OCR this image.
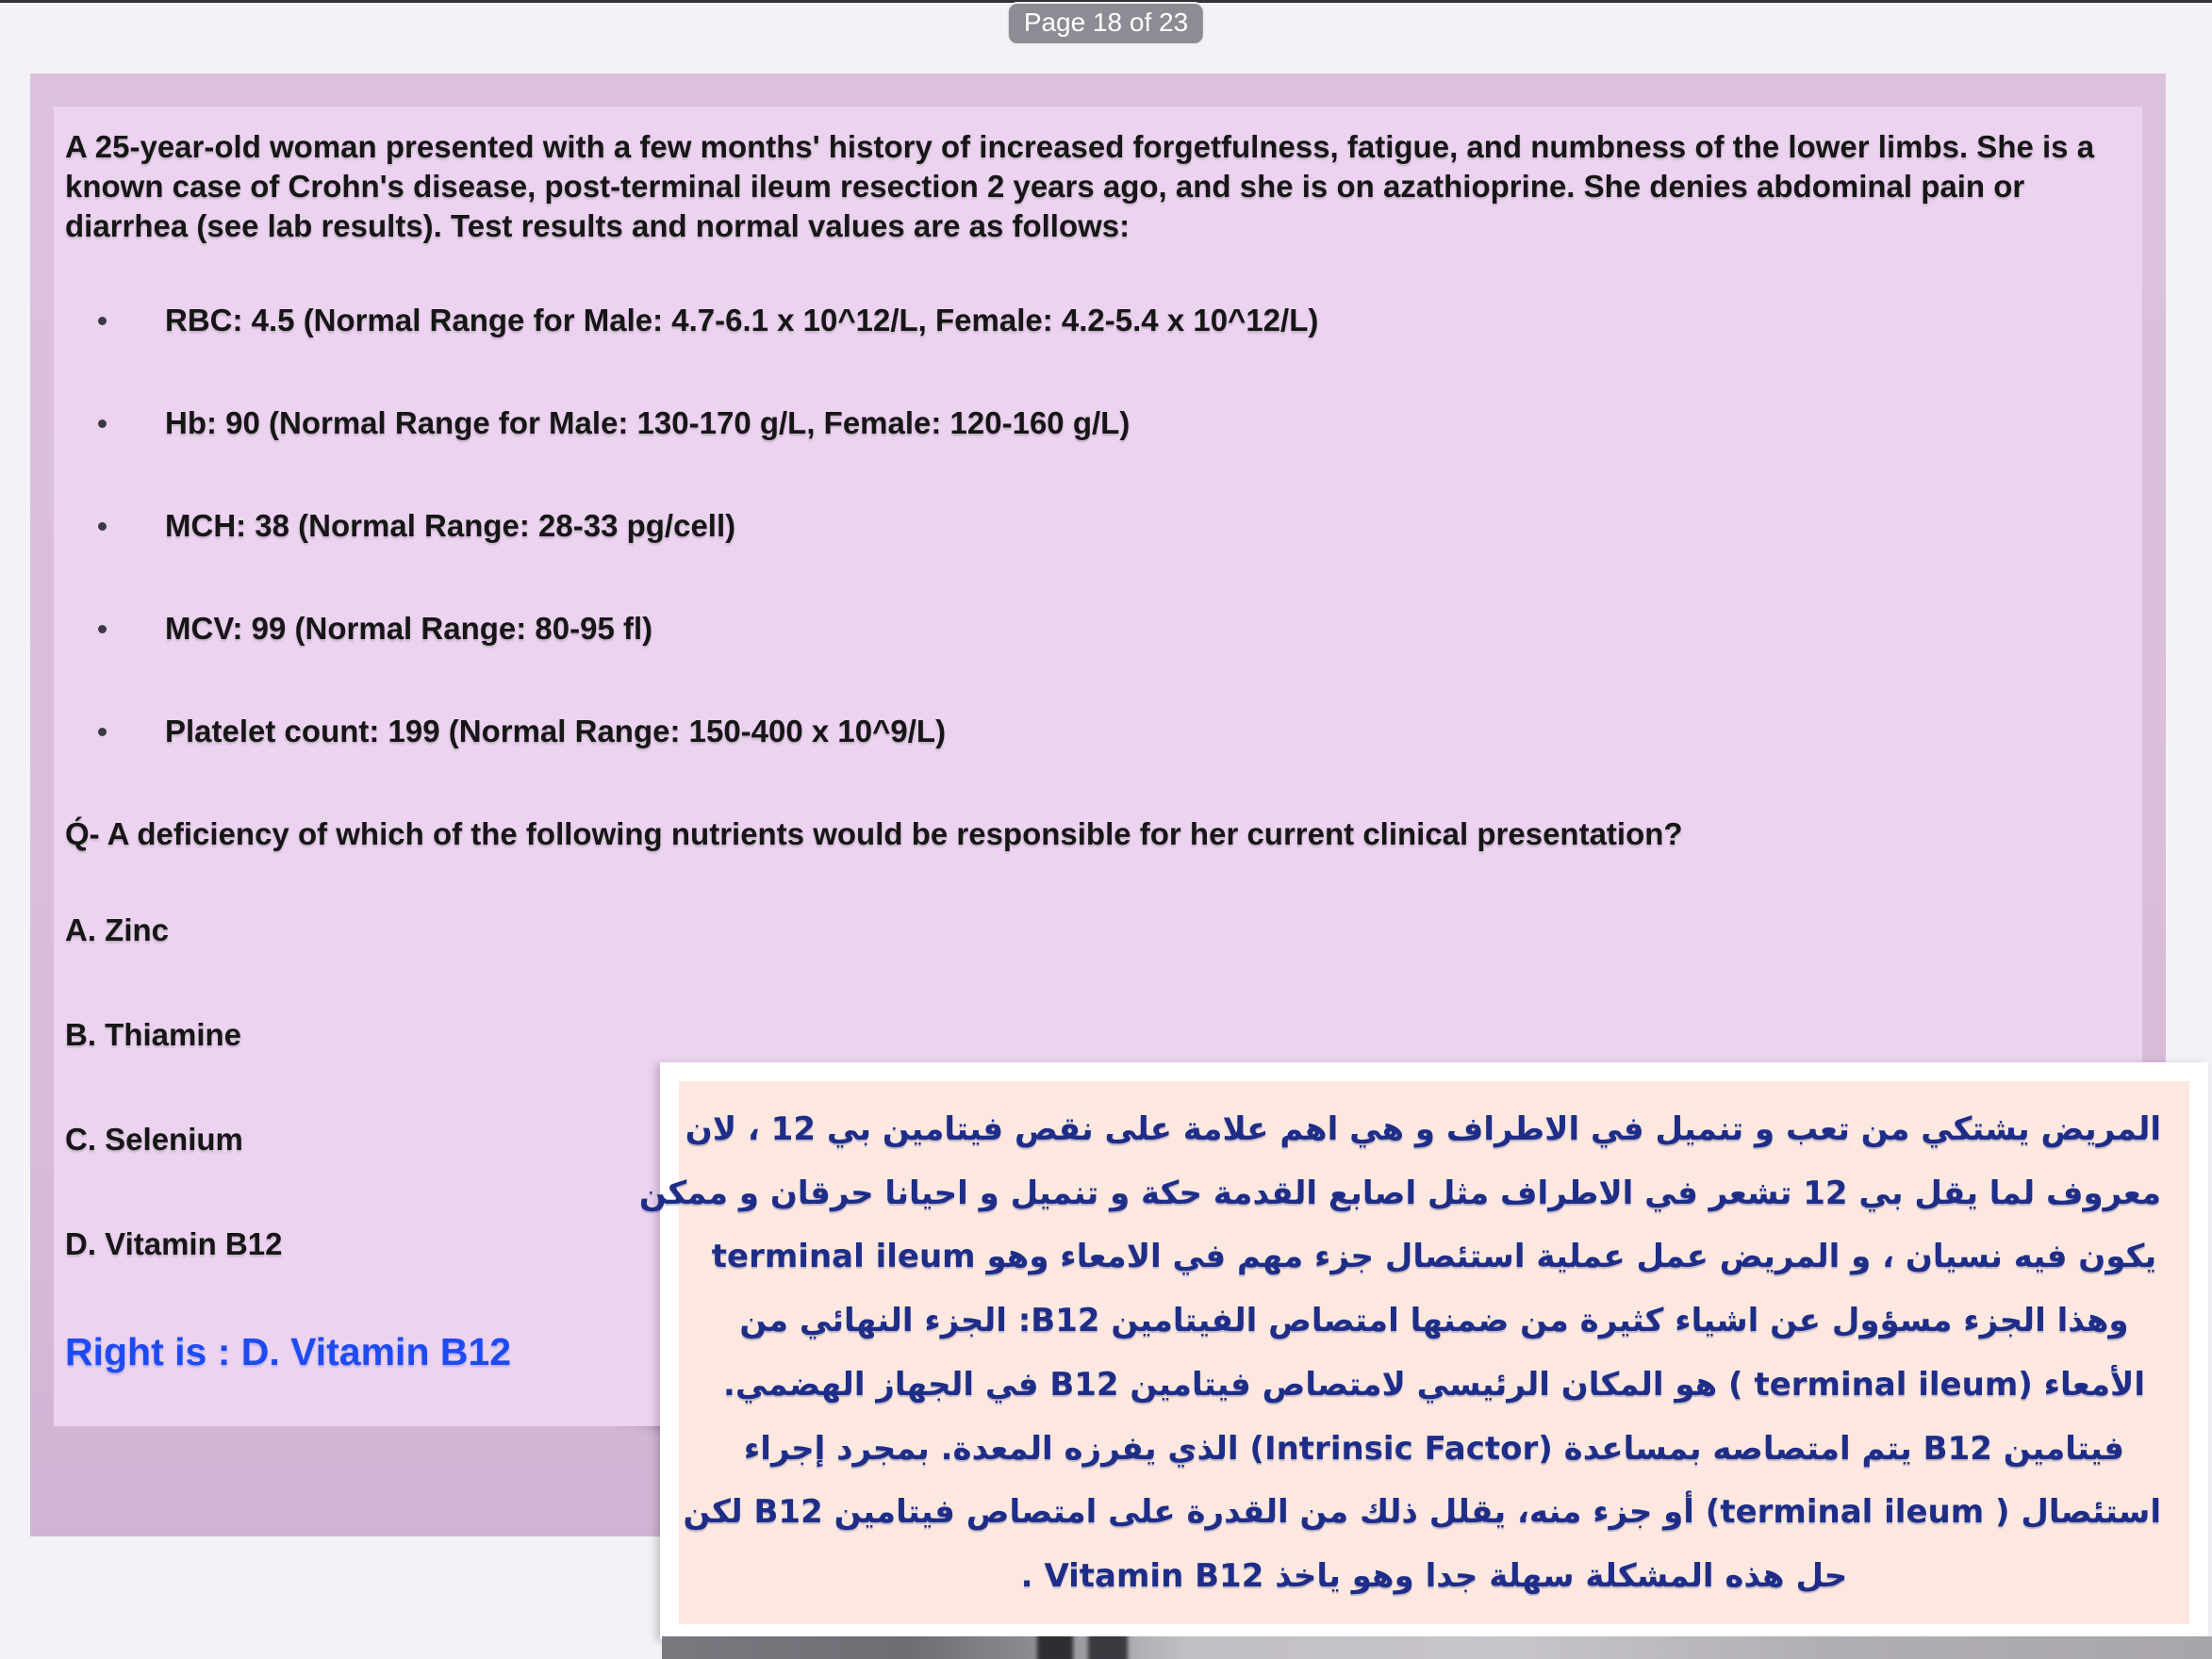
Page 18 of 23

A 25-year-old woman presented with a few months' history of increased forgetfulness, fatigue, and numbness of the lower limbs. She is a known case of Crohn's disease, post-terminal ileum resection 2 years ago, and she is on azathioprine. She denies abdominal pain or diarrhea (see lab results). Test results and normal values are as follows:

RBC: 4.5 (Normal Range for Male: 4.7-6.1 x 10^12/L, Female: 4.2-5.4 x 10^12/L)
Hb: 90 (Normal Range for Male: 130-170 g/L, Female: 120-160 g/L)
MCH: 38 (Normal Range: 28-33 pg/cell)
MCV: 99 (Normal Range: 80-95 fl)
Platelet count: 199 (Normal Range: 150-400 x 10^9/L)

Q́- A deficiency of which of the following nutrients would be responsible for her current clinical presentation?

A. Zinc

B. Thiamine

C. Selenium

D. Vitamin B12

Right is : D. Vitamin B12

المريض يشتكي من تعب و تنميل في الاطراف و هي اهم علامة على نقص فيتامين بي 12 ، لان
معروف لما يقل بي 12 تشعر في الاطراف مثل اصابع القدمة حكة و تنميل و احيانا حرقان و ممكن
يكون فيه نسيان ، و المريض عمل عملية استئصال جزء مهم في الامعاء وهو terminal ileum
وهذا الجزء مسؤول عن اشياء كثيرة من ضمنها امتصاص الفيتامين B12: الجزء النهائي من
الأمعاء (terminal ileum ) هو المكان الرئيسي لامتصاص فيتامين B12 في الجهاز الهضمي.
فيتامين B12 يتم امتصاصه بمساعدة (Intrinsic Factor) الذي يفرزه المعدة. بمجرد إجراء
استئصال ( terminal ileum) أو جزء منه، يقلل ذلك من القدرة على امتصاص فيتامين B12 لكن
حل هذه المشكلة سهلة جدا وهو ياخذ Vitamin B12 .
